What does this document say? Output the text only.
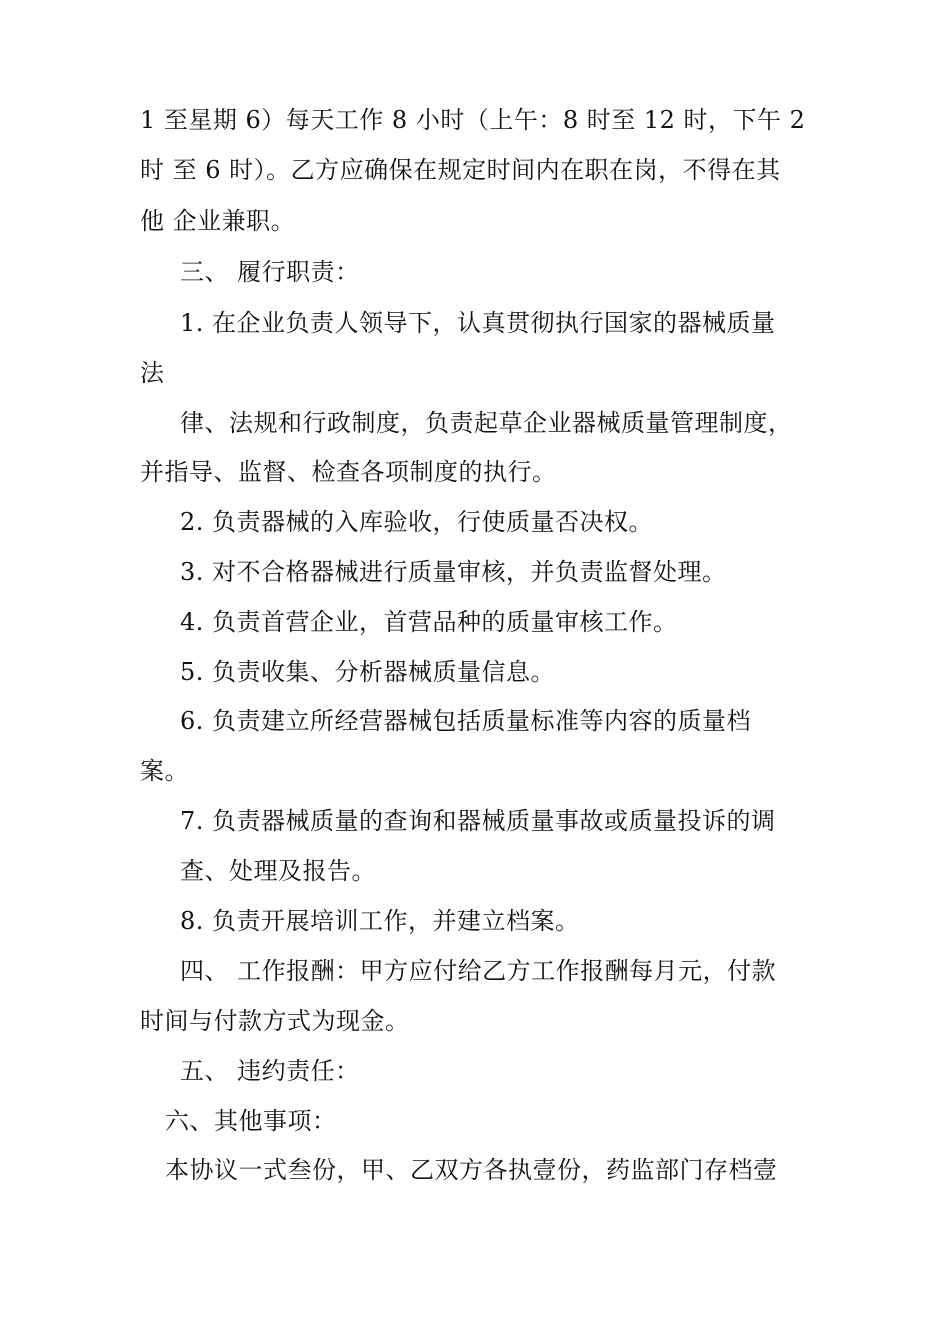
1 至星期 6）每天工作 8 小时（上午：8 时至 12 时，下午 2
时 至 6 时）。乙方应确保在规定时间内在职在岗，不得在其
他 企业兼职。
三、 履行职责：
1. 在企业负责人领导下，认真贯彻执行国家的器械质量
法
律、法规和行政制度，负责起草企业器械质量管理制度，
并指导、监督、检查各项制度的执行。
2. 负责器械的入库验收，行使质量否决权。
3. 对不合格器械进行质量审核，并负责监督处理。
4. 负责首营企业，首营品种的质量审核工作。
5. 负责收集、分析器械质量信息。
6. 负责建立所经营器械包括质量标准等内容的质量档
案。
7. 负责器械质量的查询和器械质量事故或质量投诉的调
查、处理及报告。
8. 负责开展培训工作，并建立档案。
四、 工作报酬：甲方应付给乙方工作报酬每月元，付款
时间与付款方式为现金。
五、 违约责任：
六、其他事项：
本协议一式叁份，甲、乙双方各执壹份，药监部门存档壹
